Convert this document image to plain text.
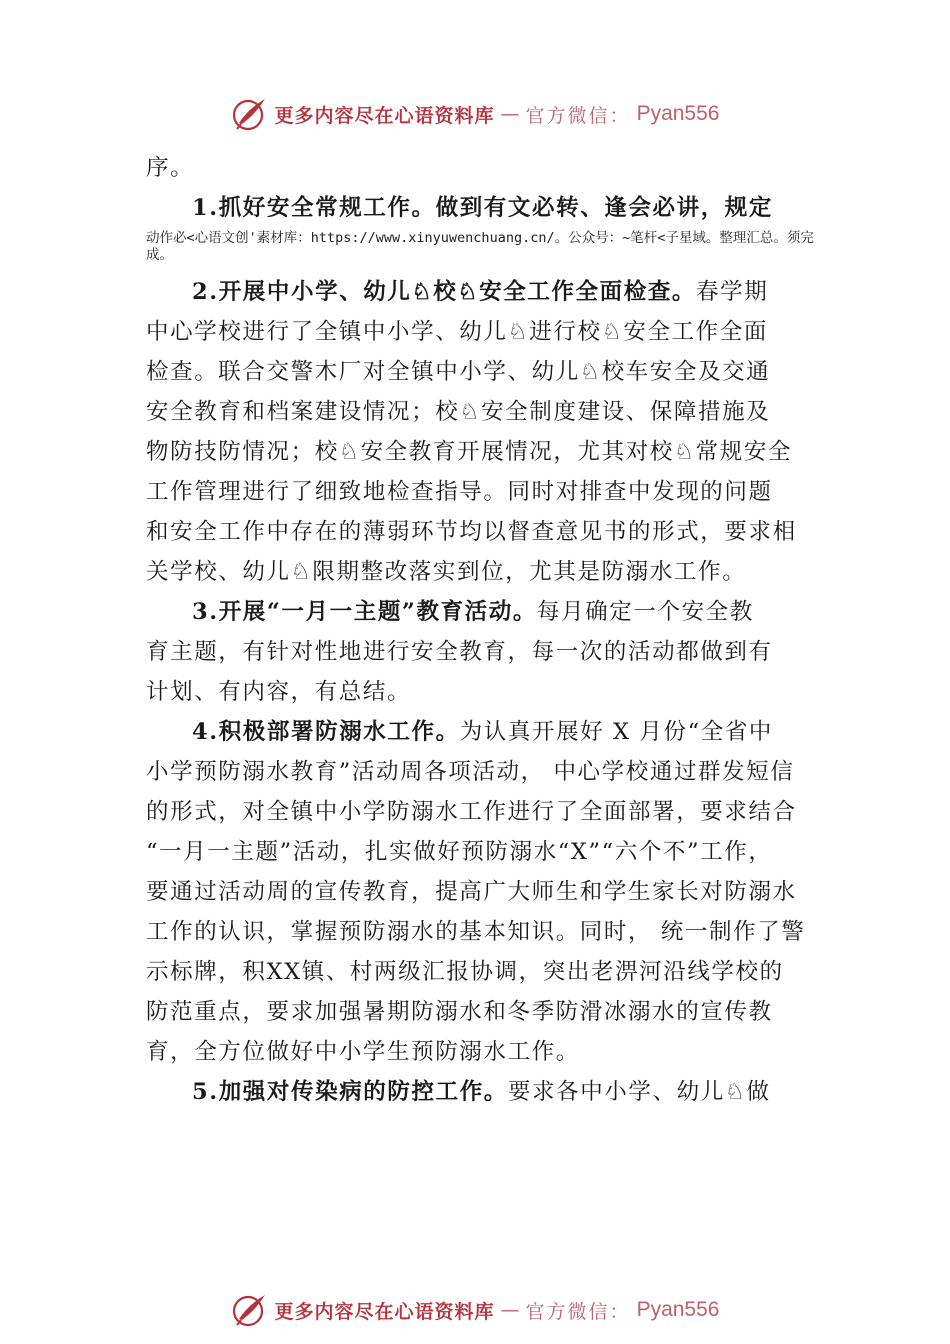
更多内容尽在心语资料库 — 官方微信： Pyan556
序。
1.抓好安全常规工作。做到有文必转、逢会必讲，规定
动作必<心语文创'素材库：https://www.xinyuwenchuang.cn/。公众号：~笔杆<子星域。整理汇总。须完成。
2.开展中小学、幼儿♘校♘安全工作全面检查。春学期
中心学校进行了全镇中小学、幼儿♘进行校♘安全工作全面
检查。联合交警木厂对全镇中小学、幼儿♘校车安全及交通
安全教育和档案建设情况；校♘安全制度建设、保障措施及
物防技防情况；校♘安全教育开展情况，尤其对校♘常规安全
工作管理进行了细致地检查指导。同时对排查中发现的问题
和安全工作中存在的薄弱环节均以督查意见书的形式，要求相
关学校、幼儿♘限期整改落实到位，尤其是防溺水工作。
3.开展“一月一主题”教育活动。每月确定一个安全教
育主题，有针对性地进行安全教育，每一次的活动都做到有
计划、有内容，有总结。
4.积极部署防溺水工作。为认真开展好 X 月份“全省中
小学预防溺水教育”活动周各项活动， 中心学校通过群发短信
的形式，对全镇中小学防溺水工作进行了全面部署，要求结合
“一月一主题”活动，扎实做好预防溺水“X”“六个不”工作，
要通过活动周的宣传教育，提高广大师生和学生家长对防溺水
工作的认识，掌握预防溺水的基本知识。同时， 统一制作了警
示标牌，积XX镇、村两级汇报协调，突出老淠河沿线学校的
防范重点，要求加强暑期防溺水和冬季防滑冰溺水的宣传教
育，全方位做好中小学生预防溺水工作。
5.加强对传染病的防控工作。要求各中小学、幼儿♘做
更多内容尽在心语资料库 — 官方微信： Pyan556
